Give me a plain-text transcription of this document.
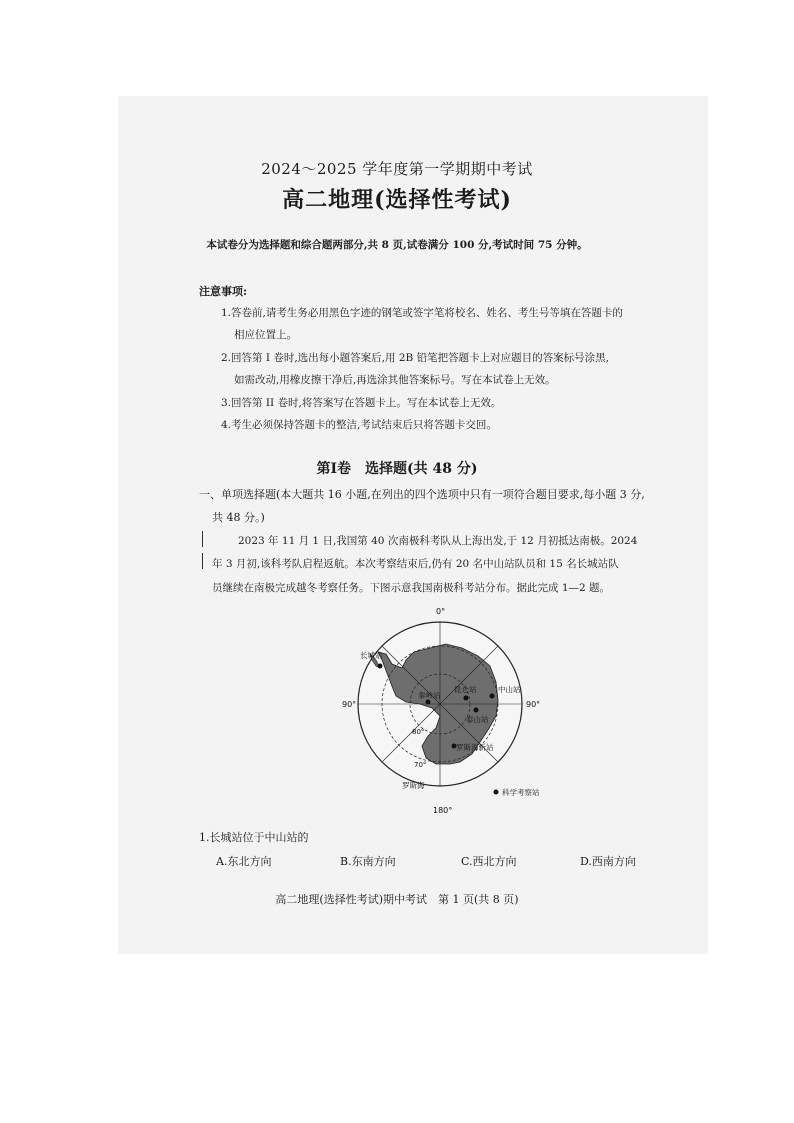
2024～2025 学年度第一学期期中考试
高二地理(选择性考试)
本试卷分为选择题和综合题两部分,共 8 页,试卷满分 100 分,考试时间 75 分钟。
注意事项:
1.答卷前,请考生务必用黑色字迹的钢笔或签字笔将校名、姓名、考生号等填在答题卡的
相应位置上。
2.回答第 I 卷时,选出每小题答案后,用 2B 铅笔把答题卡上对应题目的答案标号涂黑,
如需改动,用橡皮擦干净后,再选涂其他答案标号。写在本试卷上无效。
3.回答第 II 卷时,将答案写在答题卡上。写在本试卷上无效。
4.考生必须保持答题卡的整洁,考试结束后只将答题卡交回。
第Ⅰ卷　选择题(共 48 分)
一、单项选择题(本大题共 16 小题,在列出的四个选项中只有一项符合题目要求,每小题 3 分,
共 48 分。)
2023 年 11 月 1 日,我国第 40 次南极科考队从上海出发,于 12 月初抵达南极。2024
年 3 月初,该科考队启程返航。本次考察结束后,仍有 20 名中山站队员和 15 名长城站队
员继续在南极完成越冬考察任务。下图示意我国南极科考站分布。据此完成 1—2 题。
0°
180°
90°	90°
80°
70°
长城站
中山站
昆仑站
泰山站
秦岭站
罗斯海新站
罗斯海
科学考察站
1.长城站位于中山站的
A.东北方向	B.东南方向	C.西北方向	D.西南方向
高二地理(选择性考试)期中考试　第 1 页(共 8 页)
